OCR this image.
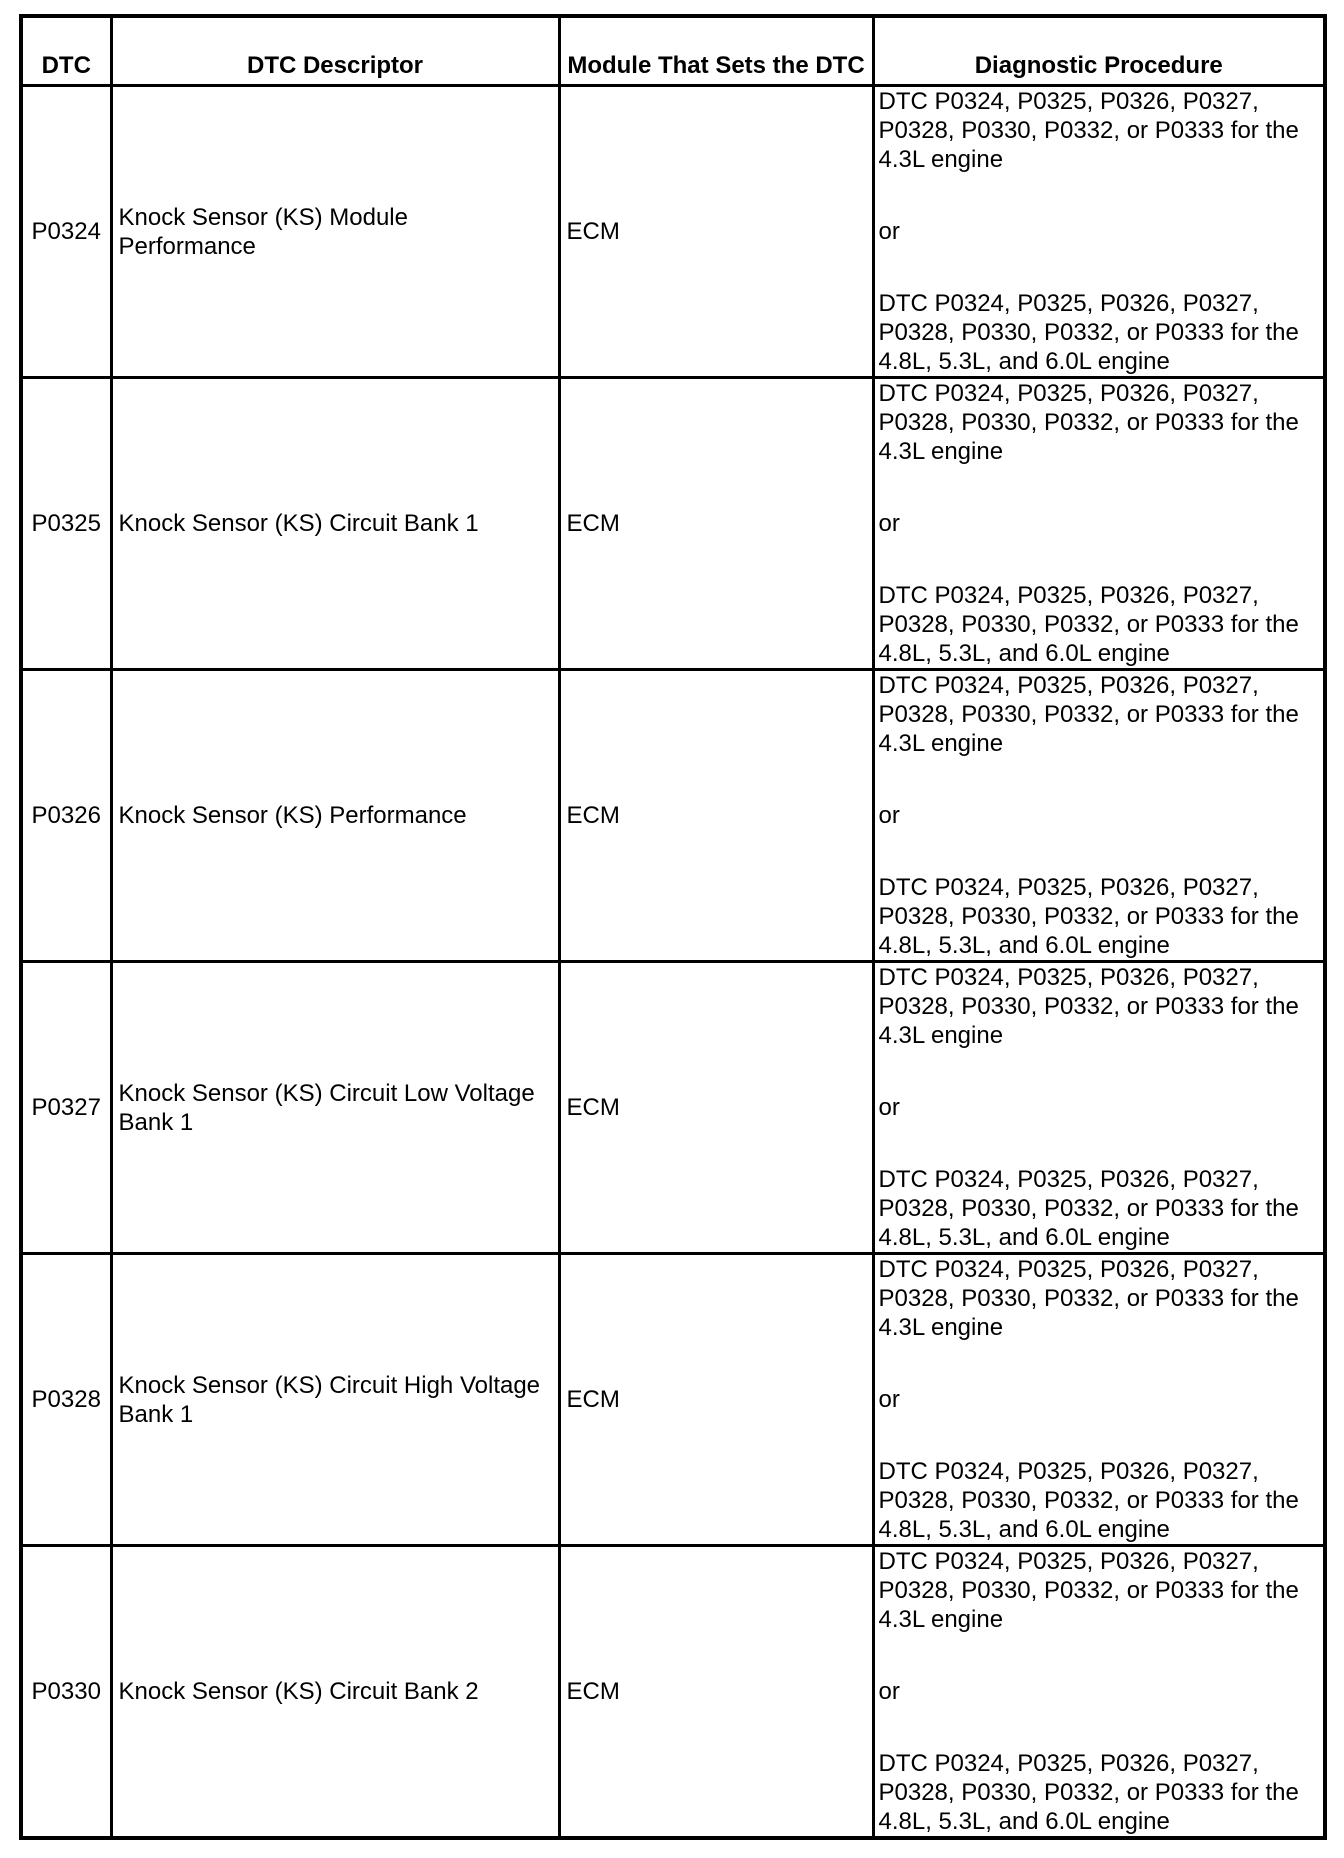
DTC	DTC Descriptor	Module That Sets the DTC	Diagnostic Procedure
P0324	Knock Sensor (KS) Module Performance	ECM	DTC P0324, P0325, P0326, P0327, P0328, P0330, P0332, or P0333 for the 4.3L engine
or
DTC P0324, P0325, P0326, P0327, P0328, P0330, P0332, or P0333 for the 4.8L, 5.3L, and 6.0L engine

P0325	Knock Sensor (KS) Circuit Bank 1	ECM	DTC P0324, P0325, P0326, P0327, P0328, P0330, P0332, or P0333 for the 4.3L engine
or
DTC P0324, P0325, P0326, P0327, P0328, P0330, P0332, or P0333 for the 4.8L, 5.3L, and 6.0L engine

P0326	Knock Sensor (KS) Performance	ECM	DTC P0324, P0325, P0326, P0327, P0328, P0330, P0332, or P0333 for the 4.3L engine
or
DTC P0324, P0325, P0326, P0327, P0328, P0330, P0332, or P0333 for the 4.8L, 5.3L, and 6.0L engine

P0327	Knock Sensor (KS) Circuit Low Voltage Bank 1	ECM	DTC P0324, P0325, P0326, P0327, P0328, P0330, P0332, or P0333 for the 4.3L engine
or
DTC P0324, P0325, P0326, P0327, P0328, P0330, P0332, or P0333 for the 4.8L, 5.3L, and 6.0L engine

P0328	Knock Sensor (KS) Circuit High Voltage Bank 1	ECM	DTC P0324, P0325, P0326, P0327, P0328, P0330, P0332, or P0333 for the 4.3L engine
or
DTC P0324, P0325, P0326, P0327, P0328, P0330, P0332, or P0333 for the 4.8L, 5.3L, and 6.0L engine

P0330	Knock Sensor (KS) Circuit Bank 2	ECM	DTC P0324, P0325, P0326, P0327, P0328, P0330, P0332, or P0333 for the 4.3L engine
or
DTC P0324, P0325, P0326, P0327, P0328, P0330, P0332, or P0333 for the 4.8L, 5.3L, and 6.0L engine
